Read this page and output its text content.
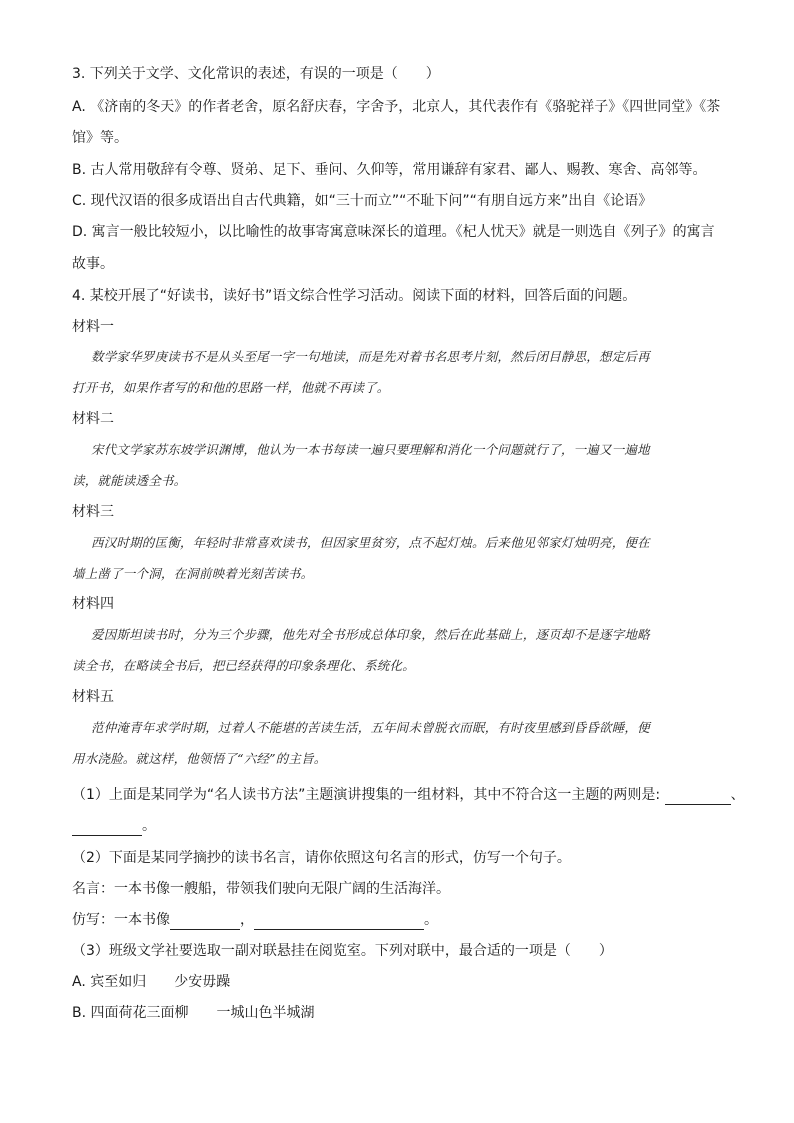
3. 下列关于文学、文化常识的表述，有误的一项是（　　）
A. 《济南的冬天》的作者老舍，原名舒庆春，字舍予，北京人，其代表作有《骆驼祥子》《四世同堂》《茶
馆》等。
B. 古人常用敬辞有令尊、贤弟、足下、垂问、久仰等，常用谦辞有家君、鄙人、赐教、寒舍、高邻等。
C. 现代汉语的很多成语出自古代典籍，如“三十而立”“不耻下问”“有朋自远方来”出自《论语》
D. 寓言一般比较短小，以比喻性的故事寄寓意味深长的道理。《杞人忧天》就是一则选自《列子》的寓言
故事。
4. 某校开展了“好读书，读好书”语文综合性学习活动。阅读下面的材料，回答后面的问题。
材料一
数学家华罗庚读书不是从头至尾一字一句地读，而是先对着书名思考片刻，然后闭目静思，想定后再
打开书，如果作者写的和他的思路一样，他就不再读了。
材料二
宋代文学家苏东坡学识渊博，他认为一本书每读一遍只要理解和消化一个问题就行了，一遍又一遍地
读，就能读透全书。
材料三
西汉时期的匡衡，年轻时非常喜欢读书，但因家里贫穷，点不起灯烛。后来他见邻家灯烛明亮，便在
墙上凿了一个洞，在洞前映着光刻苦读书。
材料四
爱因斯坦读书时，分为三个步骤，他先对全书形成总体印象，然后在此基础上，逐页却不是逐字地略
读全书，在略读全书后，把已经获得的印象条理化、系统化。
材料五
范仲淹青年求学时期，过着人不能堪的苦读生活，五年间未曾脱衣而眠，有时夜里感到昏昏欲睡，便
用水浇脸。就这样，他领悟了“六经”的主旨。
（1）上面是某同学为“名人读书方法”主题演讲搜集的一组材料，其中不符合这一主题的两则是:	、
。
（2）下面是某同学摘抄的读书名言，请你依照这句名言的形式，仿写一个句子。
名言：一本书像一艘船，带领我们驶向无限广阔的生活海洋。
仿写：一本书像	，	。
（3）班级文学社要选取一副对联悬挂在阅览室。下列对联中，最合适的一项是（　　）
A. 宾至如归　　少安毋躁
B. 四面荷花三面柳　　一城山色半城湖
